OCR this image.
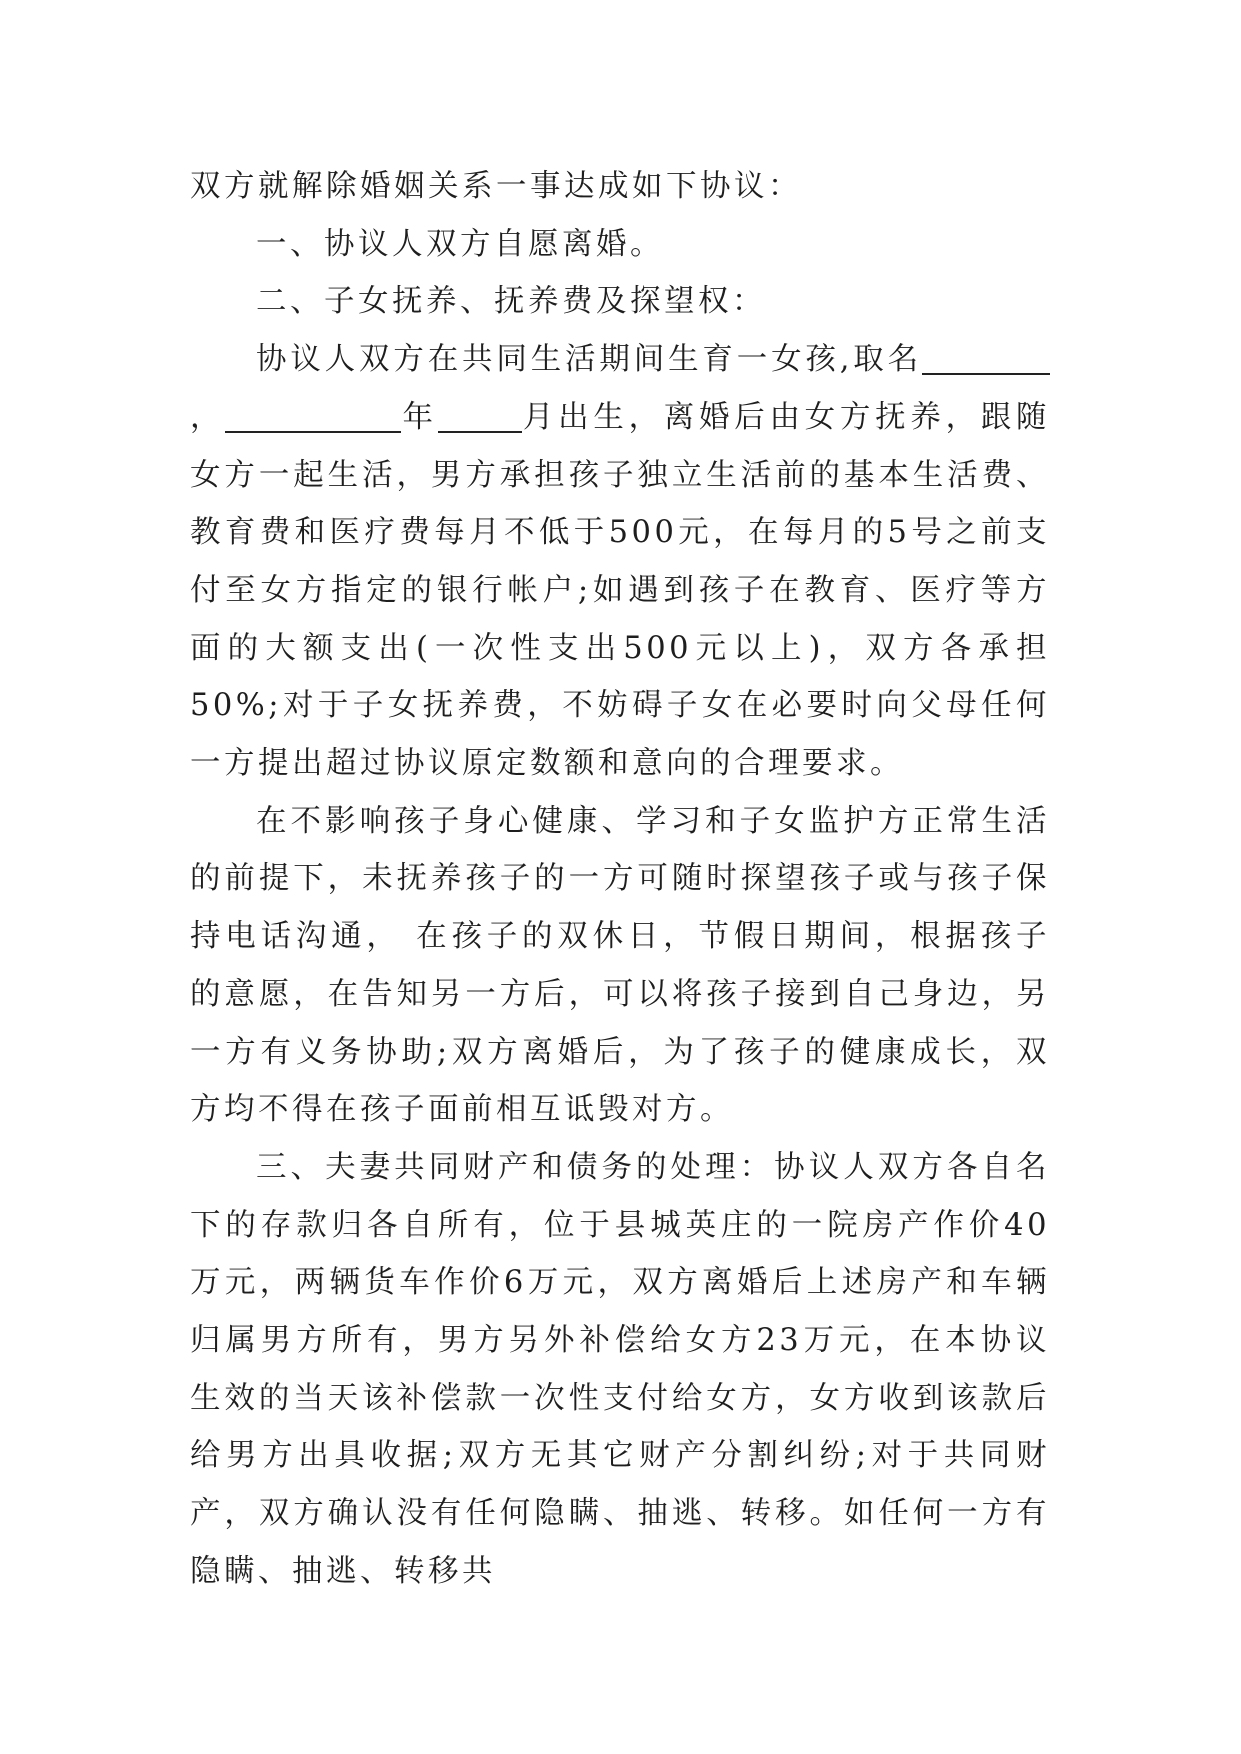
双方就解除婚姻关系一事达成如下协议：

一、协议人双方自愿离婚。

二、子女抚养、抚养费及探望权：

协议人双方在共同生活期间生育一女孩,取名，	年	月出生，离婚后由女方抚养，跟随女方一起生活，男方承担孩子独立生活前的基本生活费、教育费和医疗费每月不低于500元，在每月的5号之前支付至女方指定的银行帐户;如遇到孩子在教育、医疗等方面的大额支出(一次性支出500元以上)，双方各承担50%;对于子女抚养费，不妨碍子女在必要时向父母任何一方提出超过协议原定数额和意向的合理要求。

在不影响孩子身心健康、学习和子女监护方正常生活的前提下，未抚养孩子的一方可随时探望孩子或与孩子保持电话沟通， 在孩子的双休日，节假日期间，根据孩子的意愿，在告知另一方后，可以将孩子接到自己身边，另一方有义务协助;双方离婚后，为了孩子的健康成长，双方均不得在孩子面前相互诋毁对方。

三、夫妻共同财产和债务的处理：协议人双方各自名下的存款归各自所有，位于县城英庄的一院房产作价40万元，两辆货车作价6万元，双方离婚后上述房产和车辆归属男方所有，男方另外补偿给女方23万元，在本协议生效的当天该补偿款一次性支付给女方，女方收到该款后给男方出具收据;双方无其它财产分割纠纷;对于共同财产，双方确认没有任何隐瞒、抽逃、转移。如任何一方有隐瞒、抽逃、转移共
